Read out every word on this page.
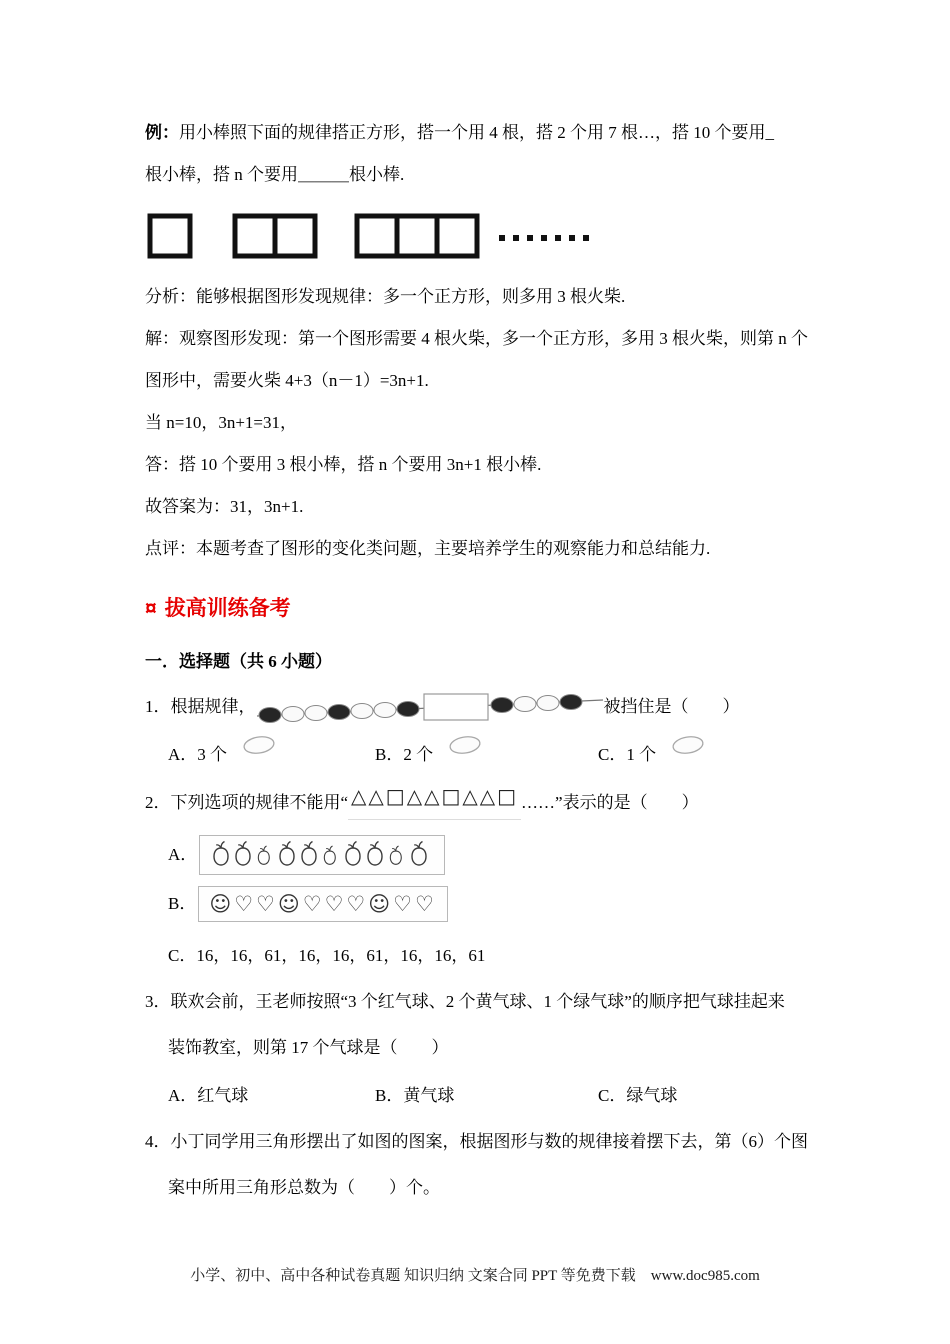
例：用小棒照下面的规律搭正方形，搭一个用 4 根，搭 2 个用 7 根…，搭 10 个要用_

根小棒，搭 n 个要用＿＿＿根小棒.

分析：能够根据图形发现规律：多一个正方形，则多用 3 根火柴.

解：观察图形发现：第一个图形需要 4 根火柴，多一个正方形，多用 3 根火柴，则第 n 个

图形中，需要火柴 4+3（n－1）=3n+1.

当 n=10，3n+1=31，

答：搭 10 个要用 3 根小棒，搭 n 个要用 3n+1 根小棒.

故答案为：31，3n+1.

点评：本题考查了图形的变化类问题，主要培养学生的观察能力和总结能力.

¤ 拔高训练备考
一．选择题（共 6 小题）

1．根据规律，	被挡住是（　　）

A．3 个	B．2 个	C．1 个

2．下列选项的规律不能用“ △△□△△□△△□ ……”表示的是（　　）

A．
B． ☺♡♡☺♡♡♡☺♡♡

C．16，16，61，16，16，61，16，16，61

3．联欢会前，王老师按照“3 个红气球、2 个黄气球、1 个绿气球”的顺序把气球挂起来

装饰教室，则第 17 个气球是（　　）

A．红气球	B．黄气球	C．绿气球

4．小丁同学用三角形摆出了如图的图案，根据图形与数的规律接着摆下去，第（6）个图

案中所用三角形总数为（　　）个。

小学、初中、高中各种试卷真题 知识归纳 文案合同 PPT 等免费下载　www.doc985.com
